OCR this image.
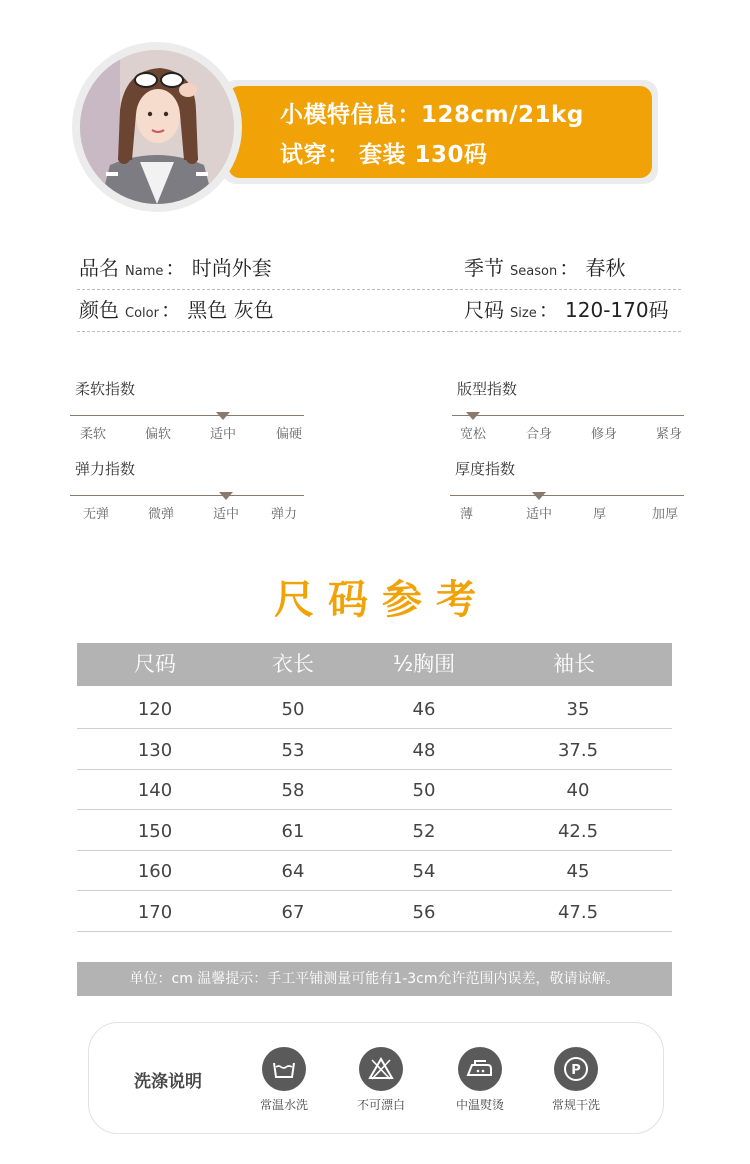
小模特信息：128cm/21kg
试穿： 套装 130码
品名 Name ： 时尚外套	季节 Season ： 春秋
颜色 Color ： 黑色 灰色	尺码 Size ： 120-170码
尺码参考
尺码	衣长	½胸围	袖长
120	50	46	35
130	53	48	37.5
140	58	50	40
150	61	52	42.5
160	64	54	45
170	67	56	47.5
单位：cm 温馨提示：手工平铺测量可能有1-3cm允许范围内误差，敬请谅解。
洗涤说明
常温水洗	不可漂白	中温熨烫
P
常规干洗
柔软指数
柔软	偏软	适中	偏硬
版型指数
宽松	合身	修身	紧身
弹力指数
无弹	微弹	适中 弹力
厚度指数
薄	适中	厚	加厚
